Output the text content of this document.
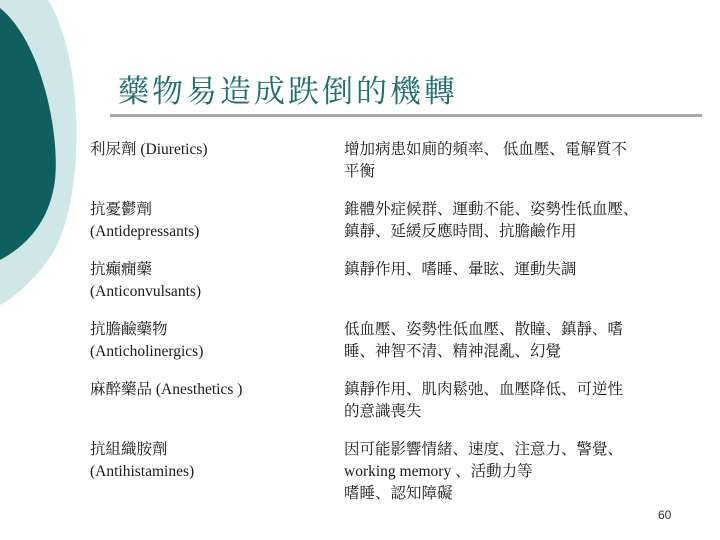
藥物易造成跌倒的機轉
利尿劑 (Diuretics)		增加病患如廁的頻率、 低血壓、電解質不
平衡

抗憂鬱劑
(Antidepressants)		錐體外症候群、運動不能、姿勢性低血壓、
鎮靜、延緩反應時間、抗膽鹼作用

抗癲癇藥
(Anticonvulsants)		鎮靜作用、嗜睡、暈眩、運動失調

抗膽鹼藥物
(Anticholinergics)		低血壓、姿勢性低血壓、散瞳、鎮靜、嗜
睡、神智不清、精神混亂、幻覺

麻醉藥品 (Anesthetics )		鎮靜作用、肌肉鬆弛、血壓降低、可逆性
的意識喪失

抗組織胺劑
(Antihistamines)		因可能影響情緒、速度、注意力、警覺、
working memory 、活動力等
嗜睡、認知障礙
60
